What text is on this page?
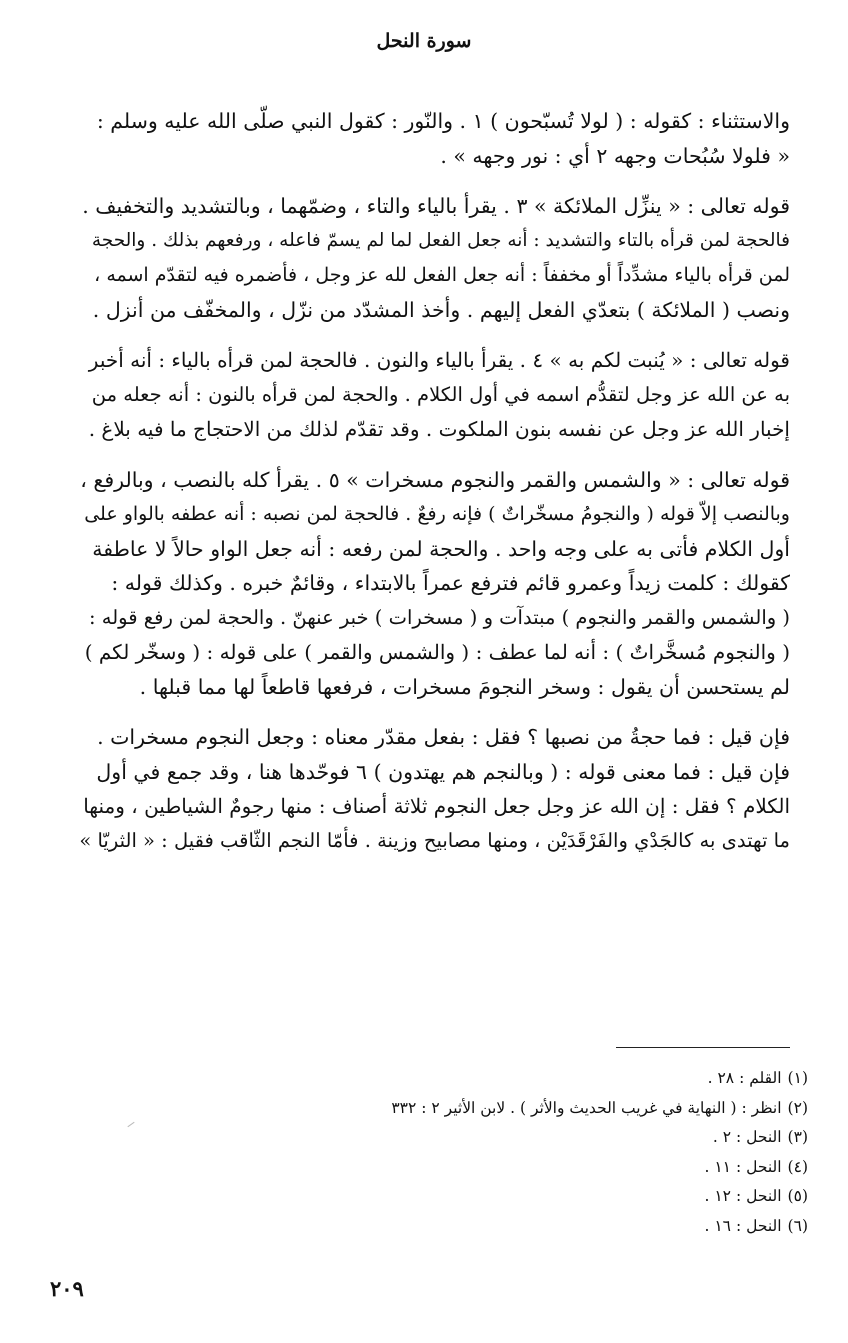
سورة النحل
والاستثناء : كقوله : ( لولا تُسبّحون ) ١ . والنّور : كقول النبي صلّى الله عليه وسلم :
« فلولا سُبُحات وجهه ٢ أي : نور وجهه » .
قوله تعالى : « ينزِّل الملائكة » ٣ . يقرأ بالياء والتاء ، وضمّهما ، وبالتشديد والتخفيف .
فالحجة لمن قرأه بالتاء والتشديد : أنه جعل الفعل لما لم يسمّ فاعله ، ورفعهم بذلك . والحجة
لمن قرأه بالياء مشدِّداً أو مخففاً : أنه جعل الفعل لله عز وجل ، فأضمره فيه لتقدّم اسمه ،
ونصب ( الملائكة ) بتعدّي الفعل إليهم . وأخذ المشدّد من نزّل ، والمخفّف من أنزل .
قوله تعالى : « يُنبت لكم به » ٤ . يقرأ بالياء والنون . فالحجة لمن قرأه بالياء : أنه أخبر
به عن الله عز وجل لتقدُّم اسمه في أول الكلام . والحجة لمن قرأه بالنون : أنه جعله من
إخبار الله عز وجل عن نفسه بنون الملكوت . وقد تقدّم لذلك من الاحتجاج ما فيه بلاغ .
قوله تعالى : « والشمس والقمر والنجوم مسخرات » ٥ . يقرأ كله بالنصب ، وبالرفع ،
وبالنصب إلاّ قوله ( والنجومُ مسخّراتٌ ) فإنه رفعٌ . فالحجة لمن نصبه : أنه عطفه بالواو على
أول الكلام فأتى به على وجه واحد . والحجة لمن رفعه : أنه جعل الواو حالاً لا عاطفة
كقولك : كلمت زيداً وعمرو قائم فترفع عمراً بالابتداء ، وقائمٌ خبره . وكذلك قوله :
( والشمس والقمر والنجوم ) مبتدآت و ( مسخرات ) خبر عنهنّ . والحجة لمن رفع قوله :
( والنجوم مُسخَّراتٌ ) : أنه لما عطف : ( والشمس والقمر ) على قوله : ( وسخّر لكم )
لم يستحسن أن يقول : وسخر النجومَ مسخرات ، فرفعها قاطعاً لها مما قبلها .
فإن قيل : فما حجةُ من نصبها ؟ فقل : بفعل مقدّر معناه : وجعل النجوم مسخرات .
فإن قيل : فما معنى قوله : ( وبالنجم هم يهتدون ) ٦ فوحّدها هنا ، وقد جمع في أول
الكلام ؟ فقل : إن الله عز وجل جعل النجوم ثلاثة أصناف : منها رجومٌ الشياطين ، ومنها
ما تهتدى به كالجَدْي والفَرْقَدَيْن ، ومنها مصابيح وزينة . فأمّا النجم الثّاقب فقيل : « الثريّا »
(١)القلم : ٢٨ .
(٢)انظر : ( النهاية في غريب الحديث والأثر ) . لابن الأثير ٢ : ٣٣٢
(٣)النحل : ٢ .
(٤)النحل : ١١ .
(٥)النحل : ١٢ .
(٦)النحل : ١٦ .
٢٠٩
